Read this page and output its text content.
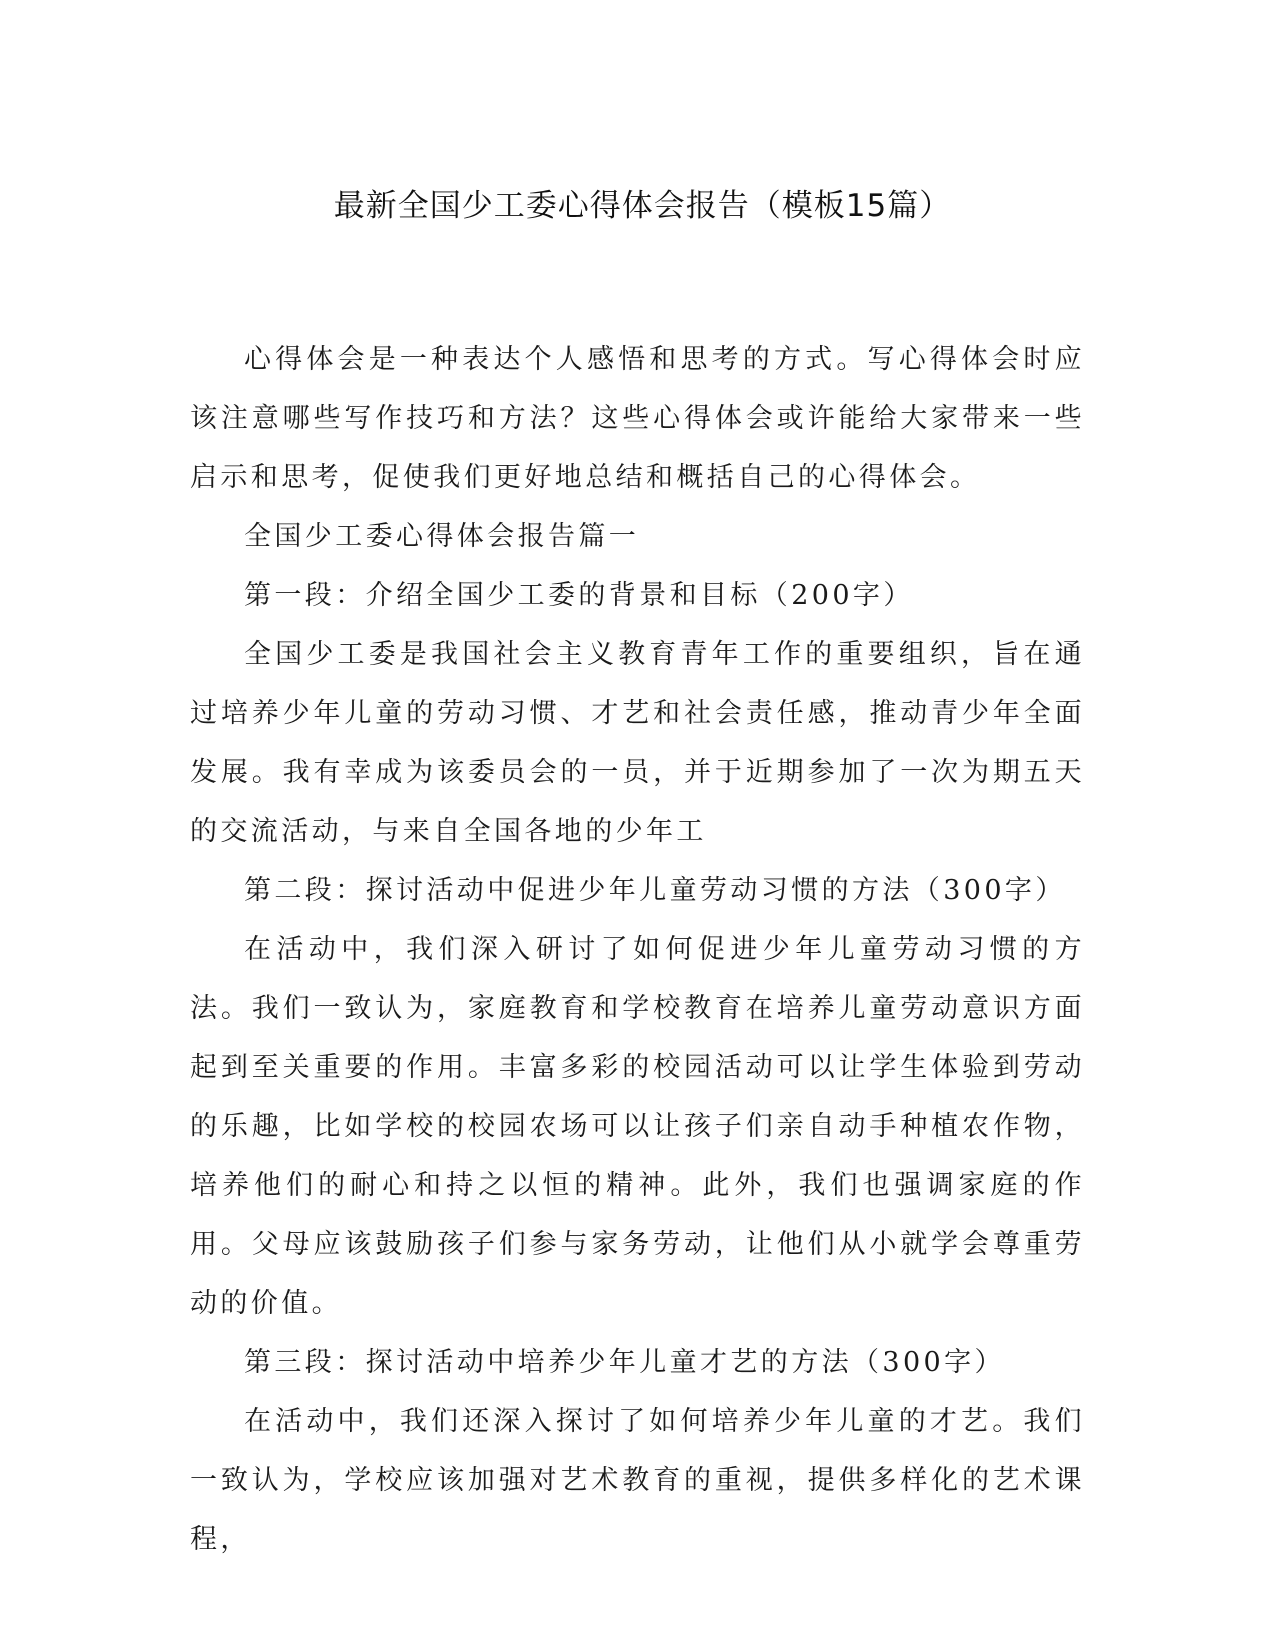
最新全国少工委心得体会报告（模板15篇）

心得体会是一种表达个人感悟和思考的方式。写心得体会时应该注意哪些写作技巧和方法？这些心得体会或许能给大家带来一些启示和思考，促使我们更好地总结和概括自己的心得体会。

全国少工委心得体会报告篇一

第一段：介绍全国少工委的背景和目标（200字）

全国少工委是我国社会主义教育青年工作的重要组织，旨在通过培养少年儿童的劳动习惯、才艺和社会责任感，推动青少年全面发展。我有幸成为该委员会的一员，并于近期参加了一次为期五天的交流活动，与来自全国各地的少年工

第二段：探讨活动中促进少年儿童劳动习惯的方法（300字）

在活动中，我们深入研讨了如何促进少年儿童劳动习惯的方法。我们一致认为，家庭教育和学校教育在培养儿童劳动意识方面起到至关重要的作用。丰富多彩的校园活动可以让学生体验到劳动的乐趣，比如学校的校园农场可以让孩子们亲自动手种植农作物，培养他们的耐心和持之以恒的精神。此外，我们也强调家庭的作用。父母应该鼓励孩子们参与家务劳动，让他们从小就学会尊重劳动的价值。

第三段：探讨活动中培养少年儿童才艺的方法（300字）

在活动中，我们还深入探讨了如何培养少年儿童的才艺。我们一致认为，学校应该加强对艺术教育的重视，提供多样化的艺术课程，
